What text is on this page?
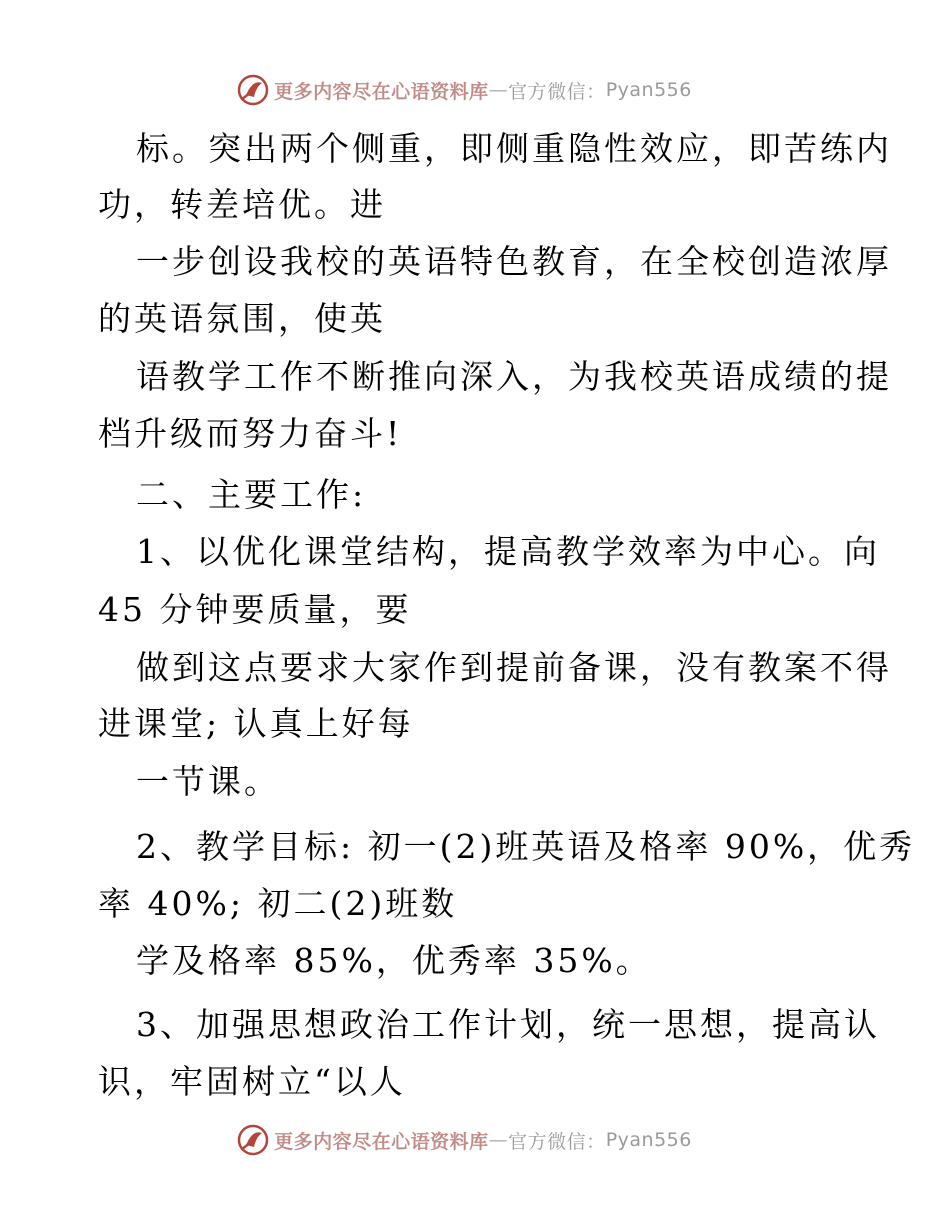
更多内容尽在心语资料库 — 官方微信： Pyan556
标。突出两个侧重，即侧重隐性效应，即苦练内
功，转差培优。进
一步创设我校的英语特色教育，在全校创造浓厚
的英语氛围，使英
语教学工作不断推向深入，为我校英语成绩的提
档升级而努力奋斗!
二、主要工作:
1、以优化课堂结构，提高教学效率为中心。向
45 分钟要质量，要
做到这点要求大家作到提前备课，没有教案不得
进课堂; 认真上好每
一节课。
2、教学目标: 初一(2)班英语及格率 90%，优秀
率 40%; 初二(2)班数
学及格率 85%，优秀率 35%。
3、加强思想政治工作计划，统一思想，提高认
识，牢固树立“以人
更多内容尽在心语资料库 — 官方微信： Pyan556
